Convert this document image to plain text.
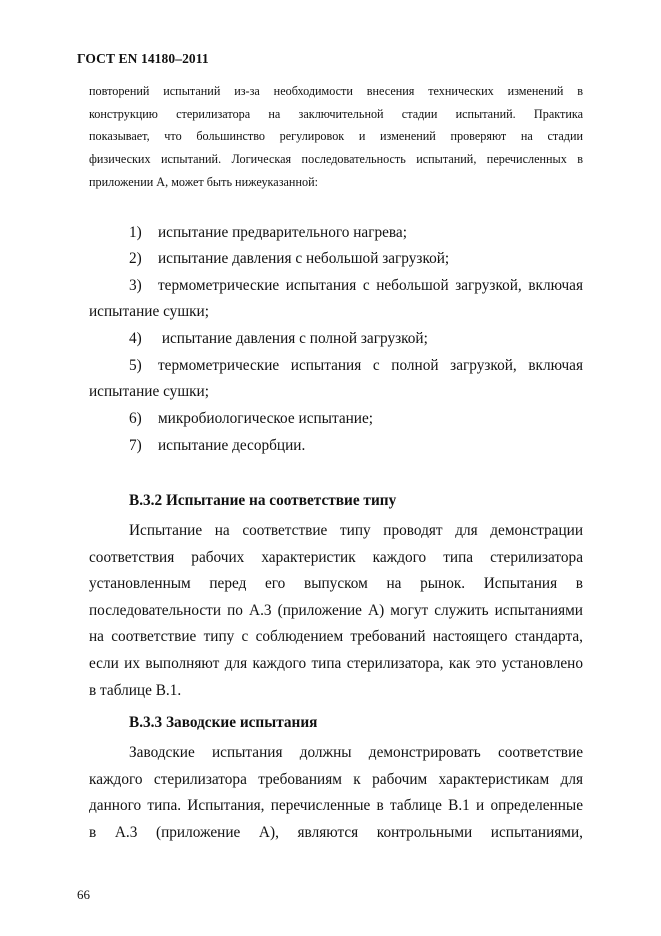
ГОСТ EN 14180–2011

повторений испытаний из-за необходимости внесения технических изменений в

конструкцию стерилизатора на заключительной стадии испытаний. Практика

показывает, что большинство регулировок и изменений проверяют на стадии

физических испытаний. Логическая последовательность испытаний, перечисленных в

приложении А, может быть нижеуказанной:

1) испытание предварительного нагрева;
2) испытание давления с небольшой загрузкой;
3) термометрические испытания с небольшой загрузкой, включая
испытание сушки;
4) испытание давления с полной загрузкой;
5) термометрические испытания с полной загрузкой, включая
испытание сушки;
6) микробиологическое испытание;
7) испытание десорбции.
В.3.2 Испытание на соответствие типу
Испытание на соответствие типу проводят для демонстрации
соответствия рабочих характеристик каждого типа стерилизатора
установленным перед его выпуском на рынок. Испытания в
последовательности по А.3 (приложение А) могут служить испытаниями
на соответствие типу с соблюдением требований настоящего стандарта,
если их выполняют для каждого типа стерилизатора, как это установлено
в таблице В.1.
В.3.3 Заводские испытания
Заводские испытания должны демонстрировать соответствие
каждого стерилизатора требованиям к рабочим характеристикам для
данного типа. Испытания, перечисленные в таблице В.1 и определенные
в А.3 (приложение А), являются контрольными испытаниями,
66
